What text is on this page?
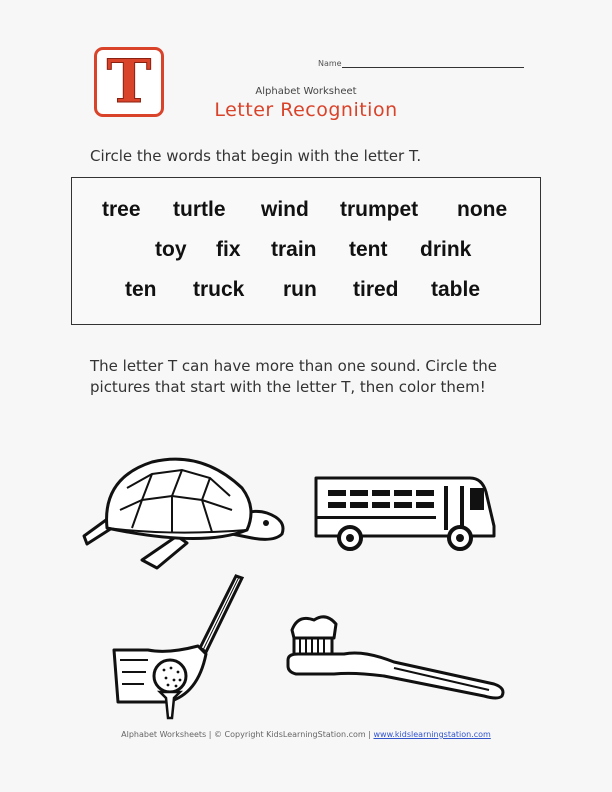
T	Name
Alphabet Worksheet
Letter Recognition
Circle the words that begin with the letter T.
tree turtle wind trumpet none
toy fix train tent drink
ten truck run tired table
The letter T can have more than one sound. Circle the pictures that start with the letter T, then color them!
Alphabet Worksheets | © Copyright KidsLearningStation.com | www.kidslearningstation.com
